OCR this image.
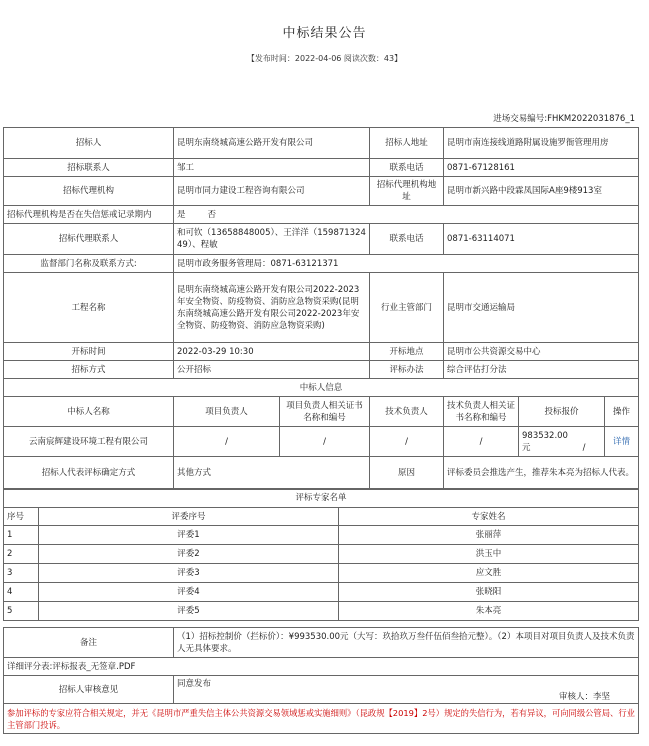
中标结果公告
【发布时间：2022-04-06 阅读次数：43】
进场交易编号:FHKM2022031876_1
招标人	昆明东南绕城高速公路开发有限公司		招标人地址	昆明市南连接线道路附属设施罗衙管理用房		
招标联系人	邹工		联系电话	0871-67128161		
招标代理机构	昆明市同力建设工程咨询有限公司		招标代理机构地址	昆明市新兴路中段霖凤国际A座9楼913室		
招标代理机构是否在失信惩戒记录期内	是 否					
招标代理联系人	和可钦（13658848005）、王洋洋（15987132449）、程敏		联系电话	0871-63114071		
监督部门名称及联系方式:	昆明市政务服务管理局：0871-63121371					
工程名称	昆明东南绕城高速公路开发有限公司2022-2023年安全物资、防疫物资、消防应急物资采购(昆明东南绕城高速公路开发有限公司2022-2023年安全物资、防疫物资、消防应急物资采购)		行业主管部门	昆明市交通运输局		
开标时间	2022-03-29 10:30		开标地点	昆明市公共资源交易中心		
招标方式	公开招标		评标办法	综合评估打分法		
中标人信息						
中标人名称	项目负责人	项目负责人相关证书名称和编号	技术负责人	技术负责人相关证书名称和编号	投标报价	操作
云南宸辉建设环境工程有限公司	/	/	/	/	983532.00元 /	详情
招标人代表评标确定方式	其他方式		原因	评标委员会推选产生，推荐朱本亮为招标人代表。		
评标专家名单		
序号	评委序号	专家姓名
1	评委1	张丽萍
2	评委2	洪玉中
3	评委3	应文胜
4	评委4	张晓阳
5	评委5	朱本亮
备注	（1）招标控制价（拦标价）：¥993530.00元（大写：玖拾玖万叁仟伍佰叁拾元整）。（2）本项目对项目负责人及技术负责人无具体要求。
详细评分表:评标报表_无签章.PDF	
招标人审核意见	同意发布
审核人：李坚

参加评标的专家应符合相关规定，并无《昆明市严重失信主体公共资源交易领域惩戒实施细则》（昆政规【2019】2号）规定的失信行为，若有异议，可向同级公管局、行业主管部门投诉。	
